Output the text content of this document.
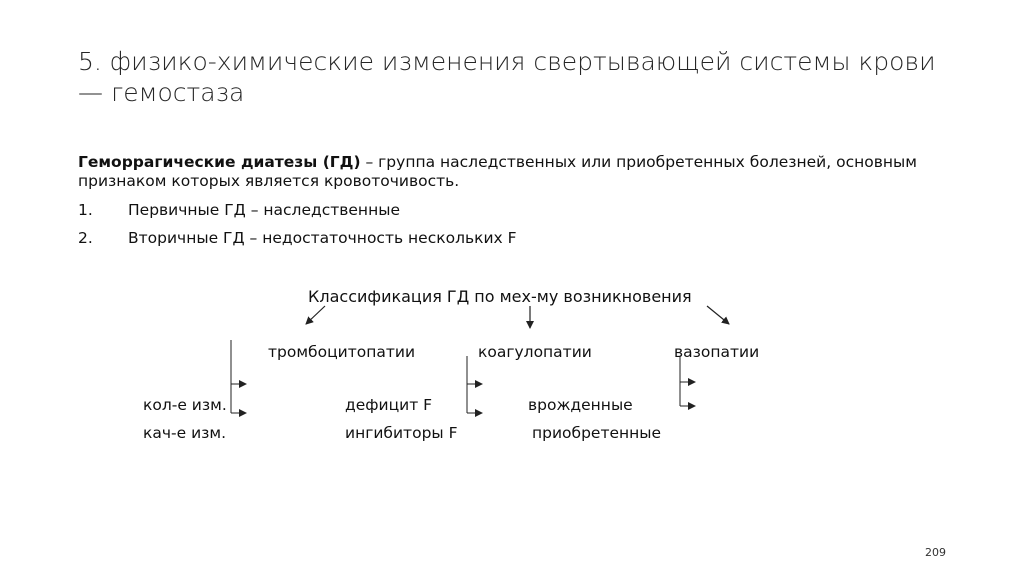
5. физико-химические изменения свертывающей системы крови — гемостаза
Геморрагические диатезы (ГД) – группа наследственных или приобретенных болезней, основным признаком которых является кровоточивость.
1. Первичные ГД – наследственные
2. Вторичные ГД – недостаточность нескольких F
Классификация ГД по мех-му возникновения
тромбоцитопатии	коагулопатии	вазопатии
кол-е изм.
кач-е изм.
дефицит F
ингибиторы F
врожденные
приобретенные
209
